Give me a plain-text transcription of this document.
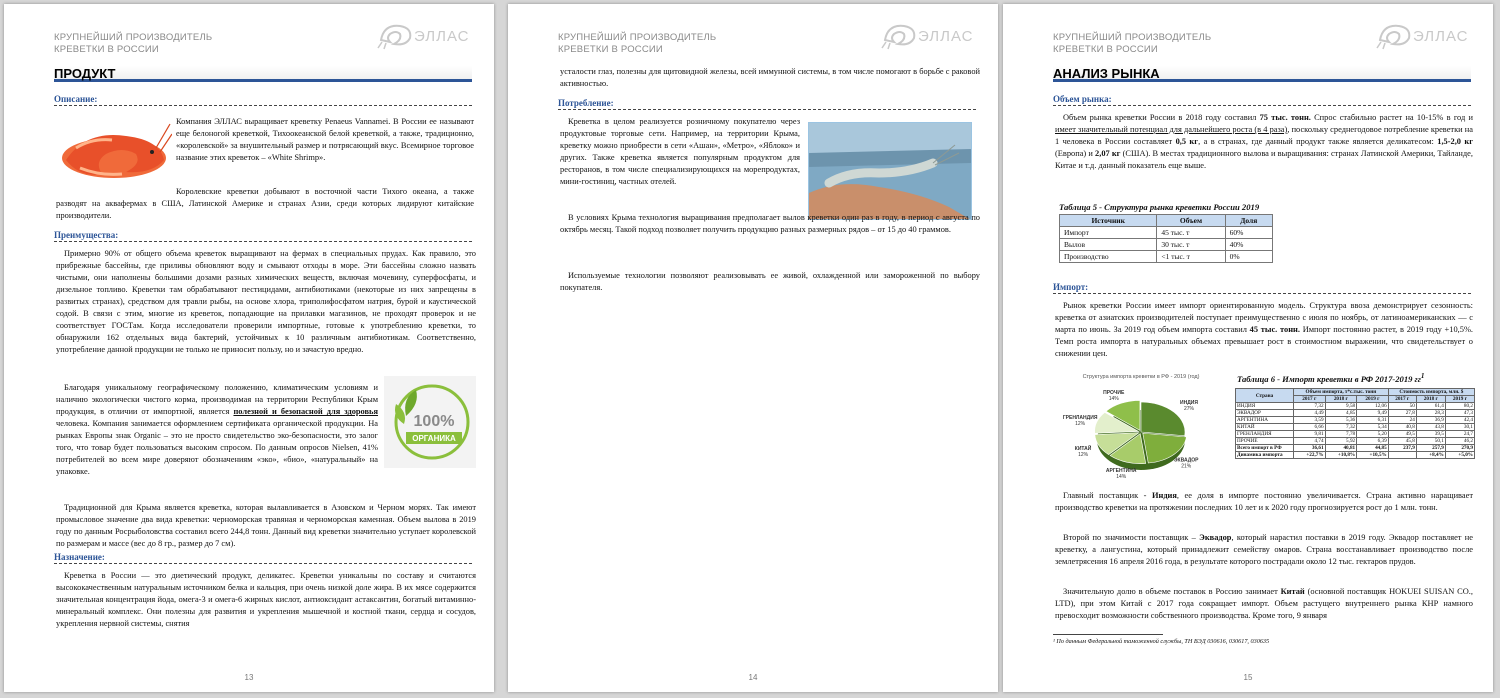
КРУПНЕЙШИЙ ПРОИЗВОДИТЕЛЬ
КРЕВЕТКИ В РОССИИ
ЭЛЛАС
ПРОДУКТ
Описание:
Компания ЭЛЛАС выращивает креветку Penaeus Vannamei. В России ее называют еще белоногой креветкой, Тихоокеанской белой креветкой, а также, традиционно, «королевской» за внушительный размер и потрясающий вкус. Всемирное торговое название этих креветок – «White Shrimp».
Королевские креветки добывают в восточной части Тихого океана, а также разводят на аквафермах в США, Латинской Америке и странах Азии, среди которых лидируют китайские производители.
Преимущества:
Примерно 90% от общего объема креветок выращивают на фермах в специальных прудах. Как правило, это прибрежные бассейны, где приливы обновляют воду и смывают отходы в море. Эти бассейны сложно назвать чистыми, они наполнены большими дозами разных химических веществ, включая мочевину, суперфосфаты, и дизельное топливо. Креветки там обрабатывают пестицидами, антибиотиками (некоторые из них запрещены в развитых странах), средством для травли рыбы, на основе хлора, триполифосфатом натрия, бурой и каустической содой. В связи с этим, многие из креветок, попадающие на прилавки магазинов, не проходят проверок и не соответствует ГОСТам. Когда исследователи проверили импортные, готовые к употреблению креветки, то обнаружили 162 отдельных вида бактерий, устойчивых к 10 различным антибиотикам. Соответственно, употребление данной продукции не только не приносит пользу, но и зачастую вредно.
Благодаря уникальному географическому положению, климатическим условиям и наличию экологически чистого корма, производимая на территории Республики Крым продукция, в отличии от импортной, является полезной и безопасной для здоровья человека. Компания занимается оформлением сертификата органической продукции. На рынках Европы знак Organic – это не просто свидетельство эко-безопасности, это залог того, что товар будет пользоваться высоким спросом. По данным опросов Nielsen, 41% потребителей во всем мире доверяют обозначениям «эко», «био», «натуральный» на упаковке.
100%
ОРГАНИКА
Традиционной для Крыма является креветка, которая вылавливается в Азовском и Черном морях. Так имеют промысловое значение два вида креветки: черноморская травяная и черноморская каменная. Объем вылова в 2019 году по данным Росрыболовства составил всего 244,8 тонн. Данный вид креветки значительно уступает королевской по размерам и массе (вес до 8 гр., размер до 7 см).
Назначение:
Креветка в России — это диетический продукт, деликатес. Креветки уникальны по составу и считаются высококачественным натуральным источником белка и кальция, при очень низкой доле жира. В их мясе содержится значительная концентрация йода, омега-3 и омега-6 жирных кислот, антиоксидант астаксантин, богатый витаминно-минеральный комплекс. Они полезны для развития и укрепления мышечной и костной ткани, сердца и сосудов, укрепления нервной системы, снятия
13
КРУПНЕЙШИЙ ПРОИЗВОДИТЕЛЬ
КРЕВЕТКИ В РОССИИ
ЭЛЛАС
усталости глаз, полезны для щитовидной железы, всей иммунной системы, в том числе помогают в борьбе с раковой активностью.
Потребление:
Креветка в целом реализуется розничному покупателю через продуктовые торговые сети. Например, на территории Крыма, креветку можно приобрести в сети «Ашан», «Метро», «Яблоко» и других. Также креветка является популярным продуктом для ресторанов, в том числе специализирующихся на морепродуктах, мини-гостиниц, частных отелей.
В условиях Крыма технология выращивания предполагает вылов креветки один раз в году, в период с августа по октябрь месяц. Такой подход позволяет получить продукцию разных размерных рядов – от 15 до 40 граммов.
Используемые технологии позволяют реализовывать ее живой, охлажденной или замороженной по выбору покупателя.
14
КРУПНЕЙШИЙ ПРОИЗВОДИТЕЛЬ
КРЕВЕТКИ В РОССИИ
ЭЛЛАС
АНАЛИЗ РЫНКА
Объем рынка:
Объем рынка креветки России в 2018 году составил 75 тыс. тонн. Спрос стабильно растет на 10-15% в год и имеет значительный потенциал для дальнейшего роста (в 4 раза), поскольку среднегодовое потребление креветки на 1 человека в России составляет 0,5 кг, а в странах, где данный продукт также является деликатесом: 1,5-2,0 кг (Европа) и 2,07 кг (США). В местах традиционного вылова и выращивания: странах Латинской Америки, Тайланде, Китае и т.д. данный показатель еще выше.
Таблица 5 - Структура рынка креветки России 2019
Источник	Объем	Доля
Импорт	45 тыс. т	60%
Вылов	30 тыс. т	40%
Производство	<1 тыс. т	0%
Импорт:
Рынок креветки России имеет импорт ориентированную модель. Структура ввоза демонстрирует сезонность: креветка от азиатских производителей поступает преимущественно с июля по ноябрь, от латиноамериканских — с марта по июнь. За 2019 год объем импорта составил 45 тыс. тонн. Импорт постоянно растет, в 2019 году +10,5%. Темп роста импорта в натуральных объемах превышает рост в стоимостном выражении, что свидетельствует о снижении цен.
Структура импорта креветки в РФ - 2019 (год)
ИНДИЯ
27%
ЭКВАДОР
21%
АРГЕНТИНА
14%
КИТАЙ
12%
ГРЕНЛАНДИЯ
12%
ПРОЧИЕ
14%
Таблица 6 - Импорт креветки в РФ 2017-2019 $гг^1$
Страна	Объем импорта, т*с.тыс. тонн			Стоимость импорта, млн. $		
	2017 г	2018 г	2019 г	2017 г	2018 г	2019 г
ИНДИЯ	7,32	9,58	12,06	50	61,4	80,2
ЭКВАДОР	4,49	4,85	9,49	27,8	28,3	47,3
АРГЕНТИНА	3,59	5,36	6,31	24	36,9	42,4
КИТАЙ	6,66	7,32	5,34	40,8	43,8	30,1
ГРЕНЛАНДИЯ	9,81	7,78	5,20	49,5	39,5	24,7
ПРОЧИЕ	4,74	5,92	6,39	45,8	50,1	46,2
Всего импорт в РФ	36,61	40,81	44,85	237,9	257,9	270,9
Динамика импорта	+22,7%	+10,8%	+10,5%		+8,4%	+5,0%
Главный поставщик - Индия, ее доля в импорте постоянно увеличивается. Страна активно наращивает производство креветки на протяжении последних 10 лет и к 2020 году прогнозируется рост до 1 млн. тонн.
Второй по значимости поставщик – Эквадор, который нарастил поставки в 2019 году. Эквадор поставляет не креветку, а лангустина, который принадлежит семейству омаров. Страна восстанавливает производство после землетрясения 16 апреля 2016 года, в результате которого пострадали около 12 тыс. гектаров прудов.
Значительную долю в объеме поставок в Россию занимает Китай (основной поставщик HOKUEI SUISAN CO., LTD), при этом Китай с 2017 года сокращает импорт. Объем растущего внутреннего рынка КНР намного превосходит возможности собственного производства. Кроме того, 9 января
¹ По данным Федеральной таможенной службы, ТН ВЭД 030616, 030617, 030635
15
